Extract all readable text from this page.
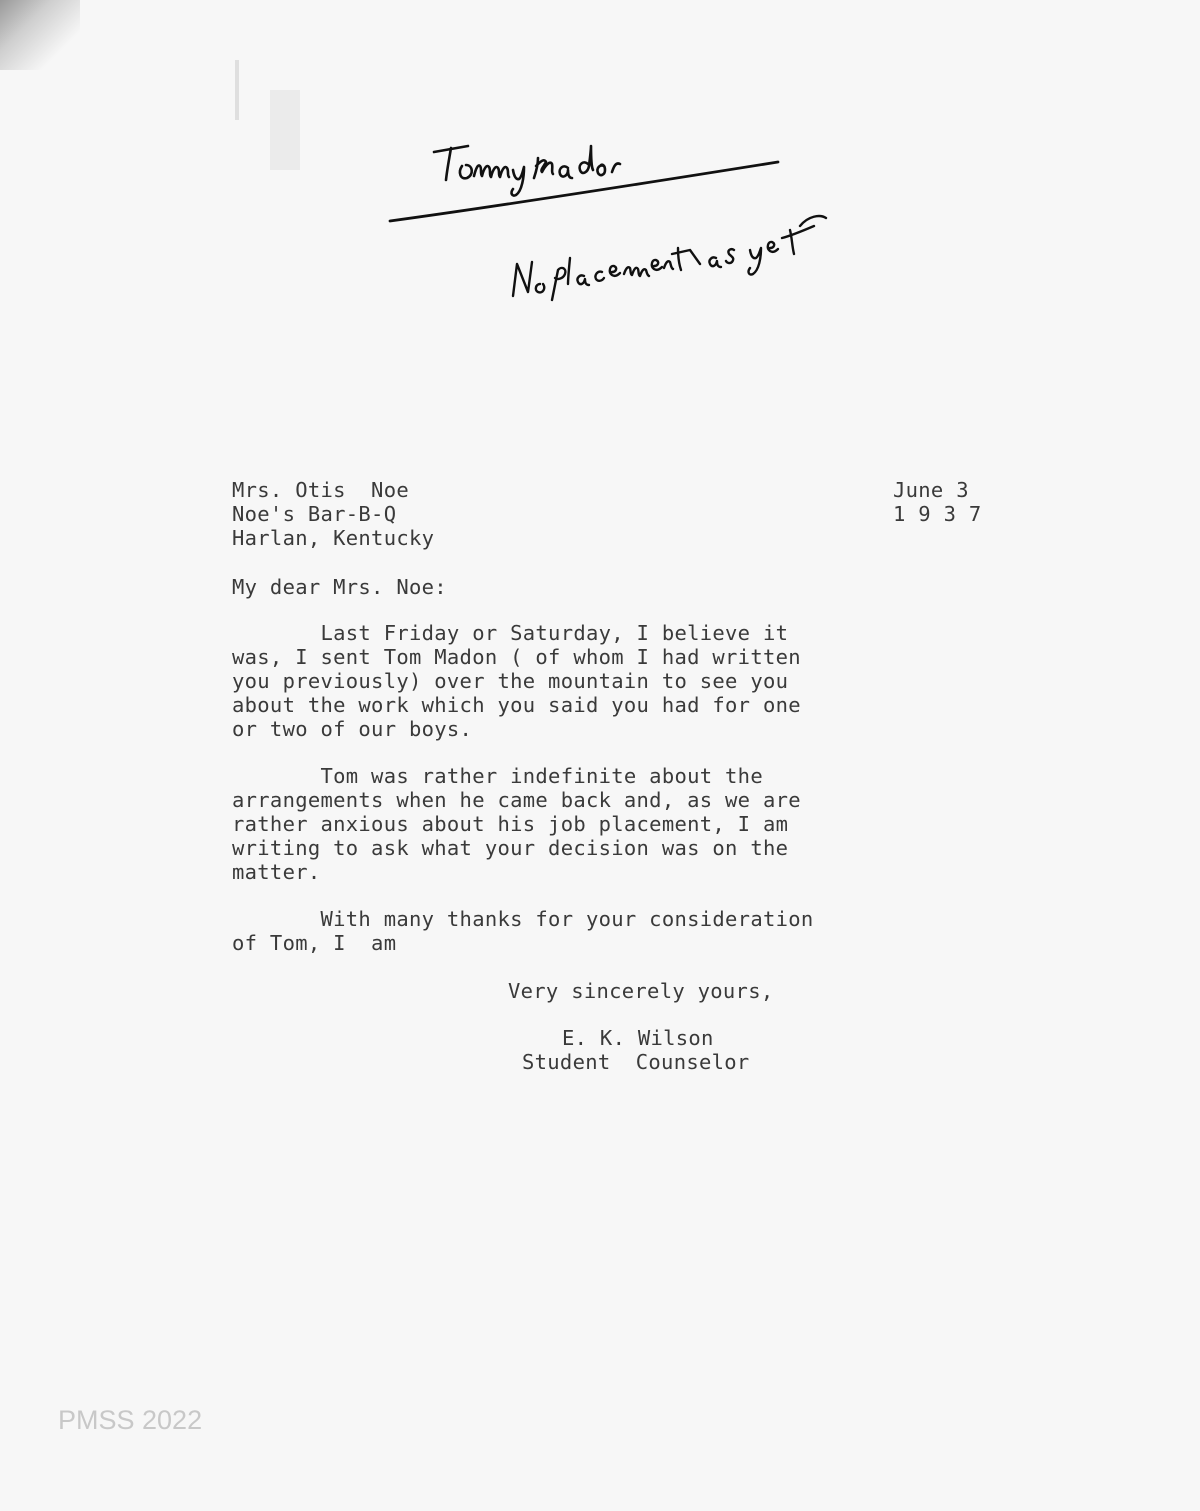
Mrs. Otis  Noe
Noe's Bar-B-Q
Harlan, Kentucky
June 3
1 9 3 7
My dear Mrs. Noe:
Last Friday or Saturday, I believe it
was, I sent Tom Madon ( of whom I had written
you previously) over the mountain to see you
about the work which you said you had for one
or two of our boys.
Tom was rather indefinite about the
arrangements when he came back and, as we are
rather anxious about his job placement, I am
writing to ask what your decision was on the
matter.
With many thanks for your consideration
of Tom, I  am
Very sincerely yours,
E. K. Wilson
Student  Counselor
PMSS 2022
